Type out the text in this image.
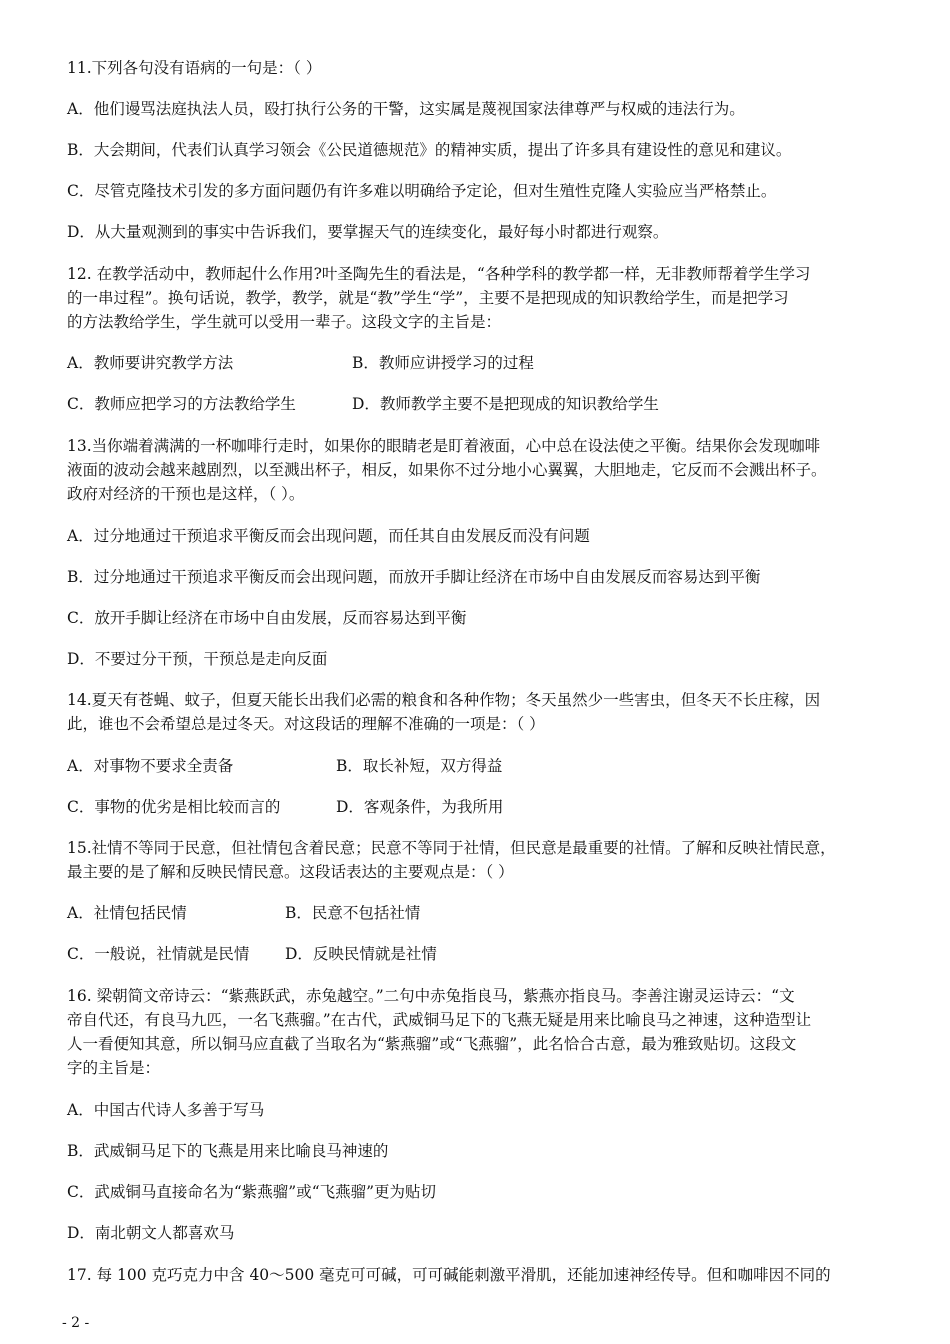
11.下列各句没有语病的一句是：（ ）
A．他们谩骂法庭执法人员，殴打执行公务的干警，这实属是蔑视国家法律尊严与权威的违法行为。
B．大会期间，代表们认真学习领会《公民道德规范》的精神实质，提出了许多具有建设性的意见和建议。
C．尽管克隆技术引发的多方面问题仍有许多难以明确给予定论，但对生殖性克隆人实验应当严格禁止。
D．从大量观测到的事实中告诉我们，要掌握天气的连续变化，最好每小时都进行观察。
12. 在教学活动中，教师起什么作用?叶圣陶先生的看法是，“各种学科的教学都一样，无非教师帮着学生学习
的一串过程”。换句话说，教学，教学，就是“教”学生“学”，主要不是把现成的知识教给学生，而是把学习
的方法教给学生，学生就可以受用一辈子。这段文字的主旨是：
A．教师要讲究教学方法	B．教师应讲授学习的过程
C．教师应把学习的方法教给学生	D．教师教学主要不是把现成的知识教给学生
13.当你端着满满的一杯咖啡行走时，如果你的眼睛老是盯着液面，心中总在设法使之平衡。结果你会发现咖啡
液面的波动会越来越剧烈，以至溅出杯子，相反，如果你不过分地小心翼翼，大胆地走，它反而不会溅出杯子。
政府对经济的干预也是这样，（ ）。
A．过分地通过干预追求平衡反而会出现问题，而任其自由发展反而没有问题
B．过分地通过干预追求平衡反而会出现问题，而放开手脚让经济在市场中自由发展反而容易达到平衡
C．放开手脚让经济在市场中自由发展，反而容易达到平衡
D．不要过分干预，干预总是走向反面
14.夏天有苍蝇、蚊子，但夏天能长出我们必需的粮食和各种作物；冬天虽然少一些害虫，但冬天不长庄稼，因
此，谁也不会希望总是过冬天。对这段话的理解不准确的一项是：（ ）
A．对事物不要求全责备	B．取长补短，双方得益
C．事物的优劣是相比较而言的	D．客观条件，为我所用
15.社情不等同于民意，但社情包含着民意；民意不等同于社情，但民意是最重要的社情。了解和反映社情民意，
最主要的是了解和反映民情民意。这段话表达的主要观点是：（ ）
A．社情包括民情	B．民意不包括社情
C．一般说，社情就是民情 D．反映民情就是社情
16. 梁朝简文帝诗云：“紫燕跃武，赤兔越空。”二句中赤兔指良马，紫燕亦指良马。李善注谢灵运诗云：“文
帝自代还，有良马九匹，一名飞燕骝。”在古代，武威铜马足下的飞燕无疑是用来比喻良马之神速，这种造型让
人一看便知其意，所以铜马应直截了当取名为“紫燕骝”或“飞燕骝”，此名恰合古意，最为雅致贴切。这段文
字的主旨是：
A．中国古代诗人多善于写马
B．武威铜马足下的飞燕是用来比喻良马神速的
C．武威铜马直接命名为“紫燕骝”或“飞燕骝”更为贴切
D．南北朝文人都喜欢马
17. 每 100 克巧克力中含 40～500 毫克可可碱，可可碱能刺激平滑肌，还能加速神经传导。但和咖啡因不同的
- 2 -
